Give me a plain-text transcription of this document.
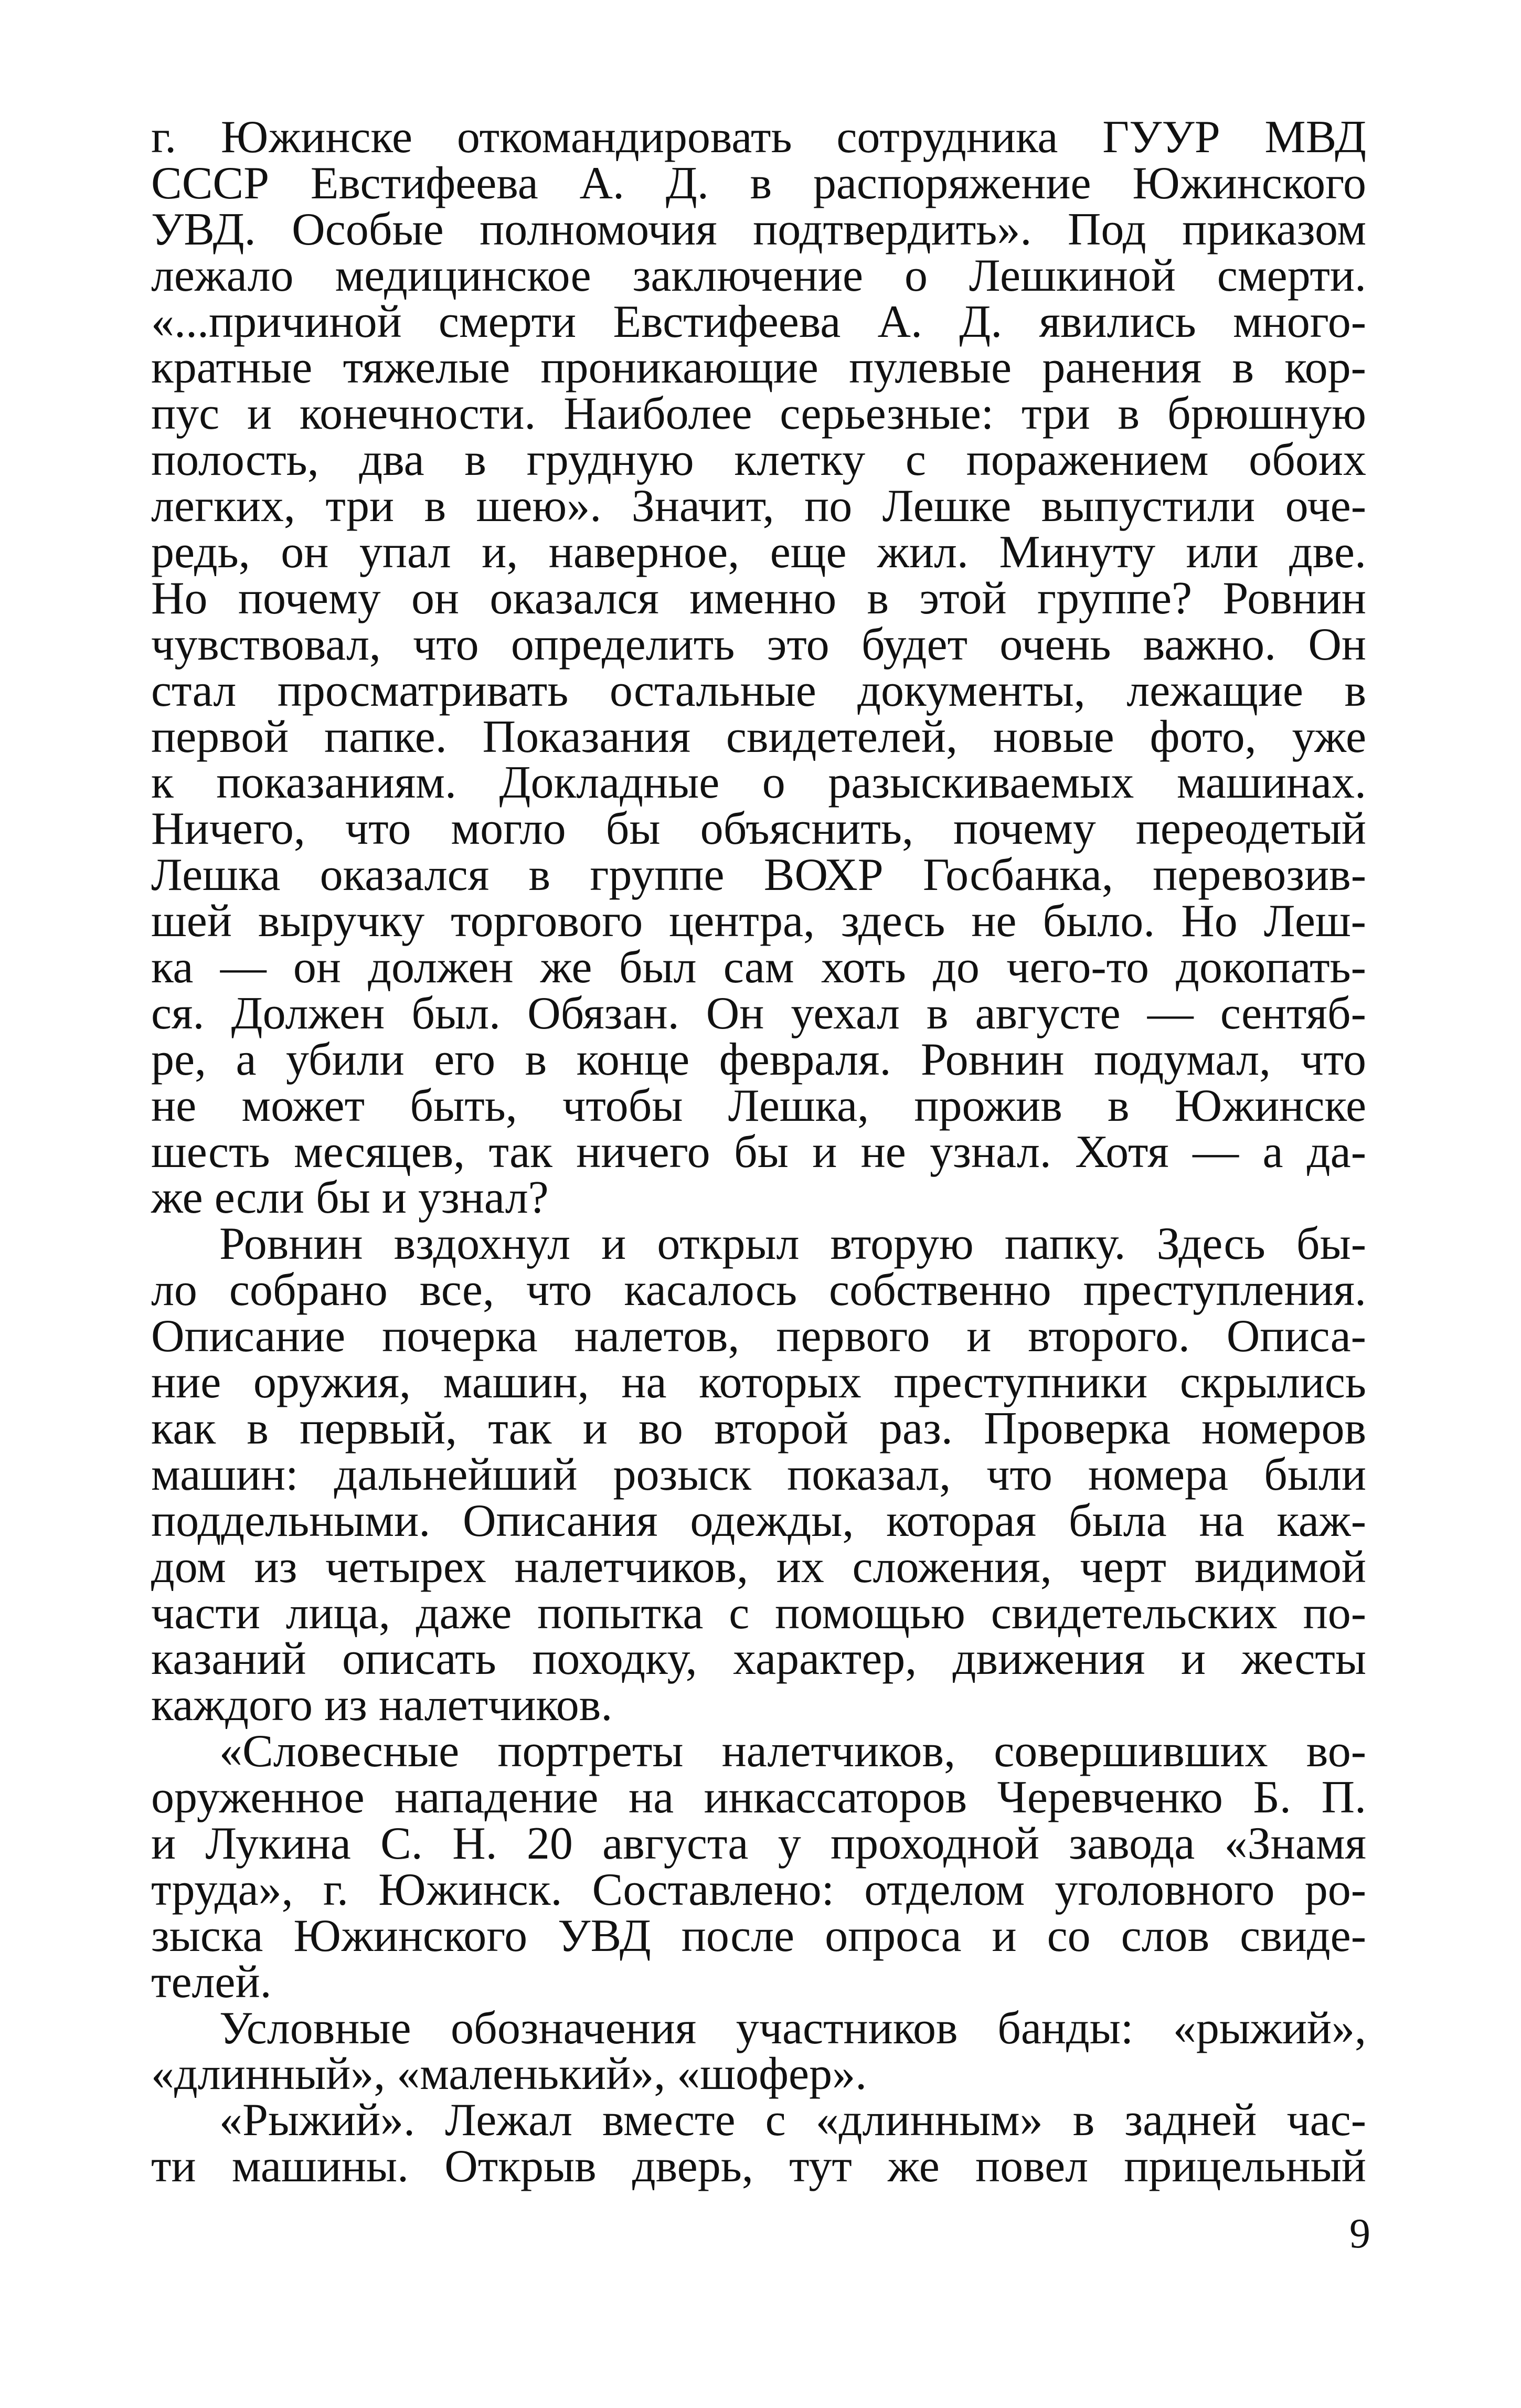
г. Южинске откомандировать сотрудника ГУУР МВД
СССР Евстифеева А. Д. в распоряжение Южинского
УВД. Особые полномочия подтвердить». Под приказом
лежало медицинское заключение о Лешкиной смерти.
«...причиной смерти Евстифеева А. Д. явились много-
кратные тяжелые проникающие пулевые ранения в кор-
пус и конечности. Наиболее серьезные: три в брюшную
полость, два в грудную клетку с поражением обоих
легких, три в шею». Значит, по Лешке выпустили оче-
редь, он упал и, наверное, еще жил. Минуту или две.
Но почему он оказался именно в этой группе? Ровнин
чувствовал, что определить это будет очень важно. Он
стал просматривать остальные документы, лежащие в
первой папке. Показания свидетелей, новые фото, уже
к показаниям. Докладные о разыскиваемых машинах.
Ничего, что могло бы объяснить, почему переодетый
Лешка оказался в группе ВОХР Госбанка, перевозив-
шей выручку торгового центра, здесь не было. Но Леш-
ка — он должен же был сам хоть до чего-то докопать-
ся. Должен был. Обязан. Он уехал в августе — сентяб-
ре, а убили его в конце февраля. Ровнин подумал, что
не может быть, чтобы Лешка, прожив в Южинске
шесть месяцев, так ничего бы и не узнал. Хотя — а да-
же если бы и узнал?
Ровнин вздохнул и открыл вторую папку. Здесь бы-
ло собрано все, что касалось собственно преступления.
Описание почерка налетов, первого и второго. Описа-
ние оружия, машин, на которых преступники скрылись
как в первый, так и во второй раз. Проверка номеров
машин: дальнейший розыск показал, что номера были
поддельными. Описания одежды, которая была на каж-
дом из четырех налетчиков, их сложения, черт видимой
части лица, даже попытка с помощью свидетельских по-
казаний описать походку, характер, движения и жесты
каждого из налетчиков.
«Словесные портреты налетчиков, совершивших во-
оруженное нападение на инкассаторов Черевченко Б. П.
и Лукина С. Н. 20 августа у проходной завода «Знамя
труда», г. Южинск. Составлено: отделом уголовного ро-
зыска Южинского УВД после опроса и со слов свиде-
телей.
Условные обозначения участников банды: «рыжий»,
«длинный», «маленький», «шофер».
«Рыжий». Лежал вместе с «длинным» в задней час-
ти машины. Открыв дверь, тут же повел прицельный
9
